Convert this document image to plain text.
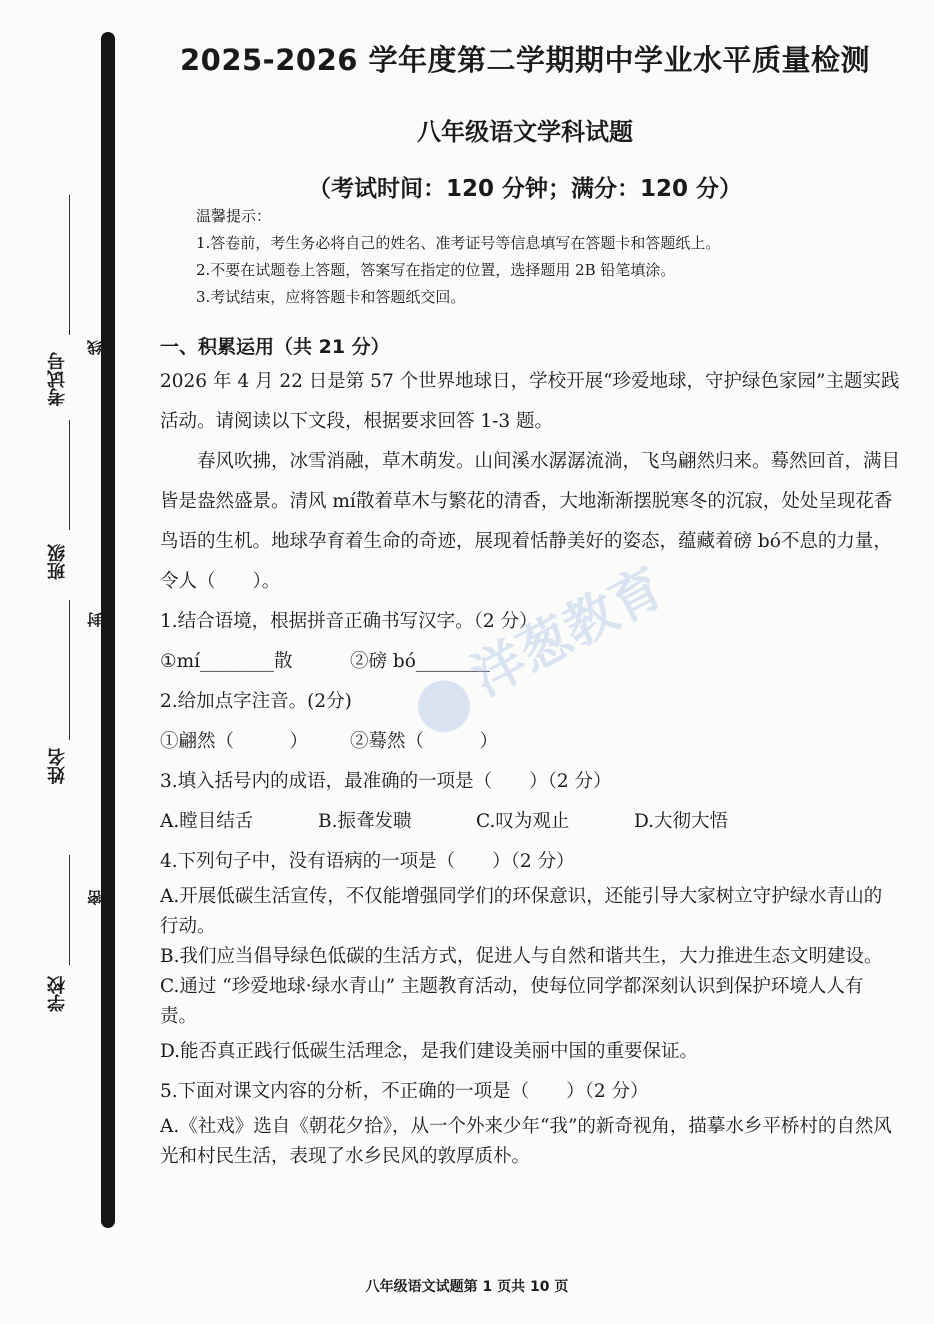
考试号
班级
姓名
学校
线
封
密
2025-2026 学年度第二学期期中学业水平质量检测
八年级语文学科试题
（考试时间：120 分钟；满分：120 分）
温馨提示：
1.答卷前，考生务必将自己的姓名、准考证号等信息填写在答题卡和答题纸上。
2.不要在试题卷上答题，答案写在指定的位置，选择题用 2B 铅笔填涂。
3.考试结束，应将答题卡和答题纸交回。
一、积累运用（共 21 分）

2026 年 4 月 22 日是第 57 个世界地球日，学校开展“珍爱地球，守护绿色家园”主题实践活动。请阅读以下文段，根据要求回答 1-3 题。

春风吹拂，冰雪消融，草木萌发。山间溪水潺潺流淌，飞鸟翩然归来。蓦然回首，满目皆是盎然盛景。清风 mí散着草木与繁花的清香，大地渐渐摆脱寒冬的沉寂，处处呈现花香鸟语的生机。地球孕育着生命的奇迹，展现着恬静美好的姿态，蕴藏着磅 bó不息的力量，令人（　　）。

1.结合语境，根据拼音正确书写汉字。（2 分）

①mí________散	②磅 bó________

2.给加点字注音。(2分)

①翩然（　　　）	②蓦然（　　　）

3.填入括号内的成语，最准确的一项是（　　）（2 分）

A.瞠目结舌	B.振聋发聩	C.叹为观止	D.大彻大悟

4.下列句子中，没有语病的一项是（　　）（2 分）

A.开展低碳生活宣传，不仅能增强同学们的环保意识，还能引导大家树立守护绿水青山的行动。

B.我们应当倡导绿色低碳的生活方式，促进人与自然和谐共生，大力推进生态文明建设。

C.通过 “珍爱地球·绿水青山” 主题教育活动，使每位同学都深刻认识到保护环境人人有责。

D.能否真正践行低碳生活理念，是我们建设美丽中国的重要保证。

5.下面对课文内容的分析，不正确的一项是（　　）（2 分）

A.《社戏》选自《朝花夕拾》，从一个外来少年“我”的新奇视角，描摹水乡平桥村的自然风光和村民生活，表现了水乡民风的敦厚质朴。

洋葱教育
八年级语文试题第 1 页共 10 页
